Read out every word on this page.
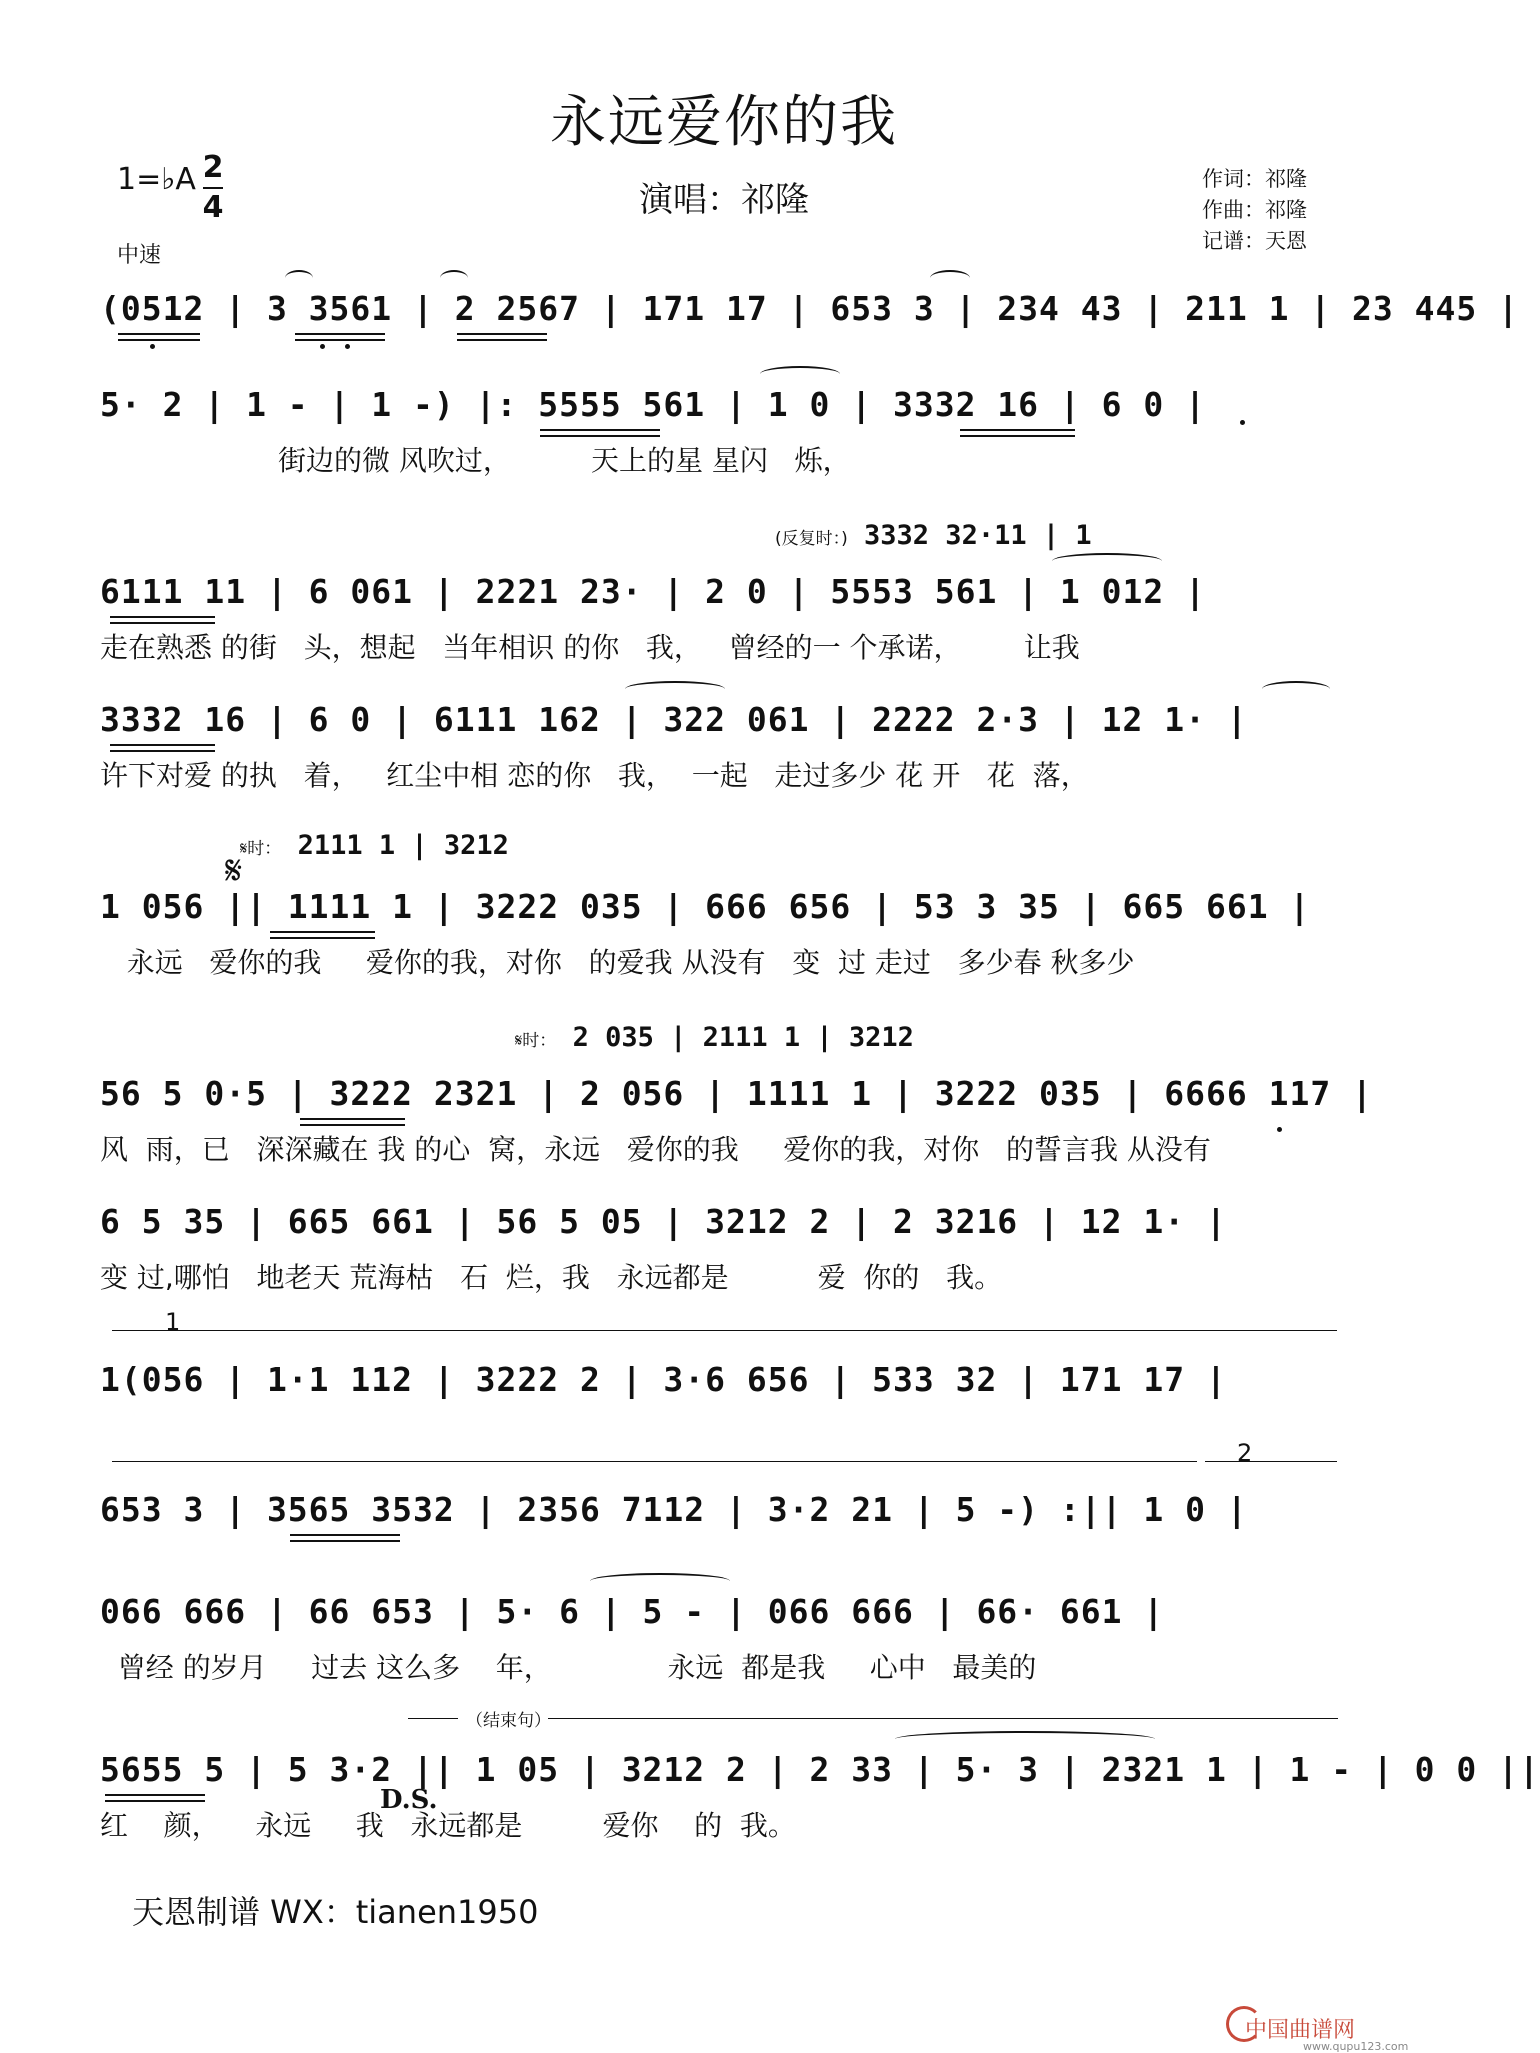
永远爱你的我
演唱：祁隆
作词：祁隆
作曲：祁隆
记谱：天恩
1=♭A 2
4
中速
(0512 | 3 3561 | 2 2567 | 171 17 | 653 3 | 234 43 | 211 1 | 23 445 |
5· 2 | 1 - | 1 -) |: 5555 561 | 1 0 | 3332 16 | 6 0 |
街边的微 风吹过，         天上的星 星闪   烁，
(反复时：) 3332 32·11 | 1
6111 11 | 6 061 | 2221 23· | 2 0 | 5553 561 | 1 012 |
走在熟悉 的街   头，想起   当年相识 的你   我，   曾经的一 个承诺，       让我
3332 16 | 6 0 | 6111 162 | 322 061 | 2222 2·3 | 12 1· |
许下对爱 的执   着，   红尘中相 恋的你   我，  一起   走过多少 花 开   花  落，
𝄋
𝄋时： 2111 1 | 3212
1 056 || 1111 1 | 3222 035 | 666 656 | 53 3 35 | 665 661 |
永远   爱你的我     爱你的我，对你   的爱我 从没有   变  过 走过   多少春 秋多少
𝄋时： 2 035 | 2111 1 | 3212
56 5 0·5 | 3222 2321 | 2 056 | 1111 1 | 3222 035 | 6666 117 |
风  雨，已   深深藏在 我 的心  窝，永远   爱你的我     爱你的我，对你   的誓言我 从没有
6 5 35 | 665 661 | 56 5 05 | 3212 2 | 2 3216 | 12 1· |
变 过,哪怕   地老天 荒海枯   石  烂，我   永远都是          爱  你的   我。
1
1(056 | 1·1 112 | 3222 2 | 3·6 656 | 533 32 | 171 17 |
2
653 3 | 3565 3532 | 2356 7112 | 3·2 21 | 5 -) :|| 1 0 |
066 666 | 66 653 | 5· 6 | 5 - | 066 666 | 66· 661 |
曾经 的岁月     过去 这么多    年，             永远  都是我     心中   最美的
（结束句）
5655 5 | 5 3·2 || 1 05 | 3212 2 | 2 33 | 5· 3 | 2321 1 | 1 - | 0 0 ||
红    颜，    永远     我   永远都是         爱你    的  我。
D.S.
天恩制谱 WX：tianen1950
中国曲谱网
www.qupu123.com
